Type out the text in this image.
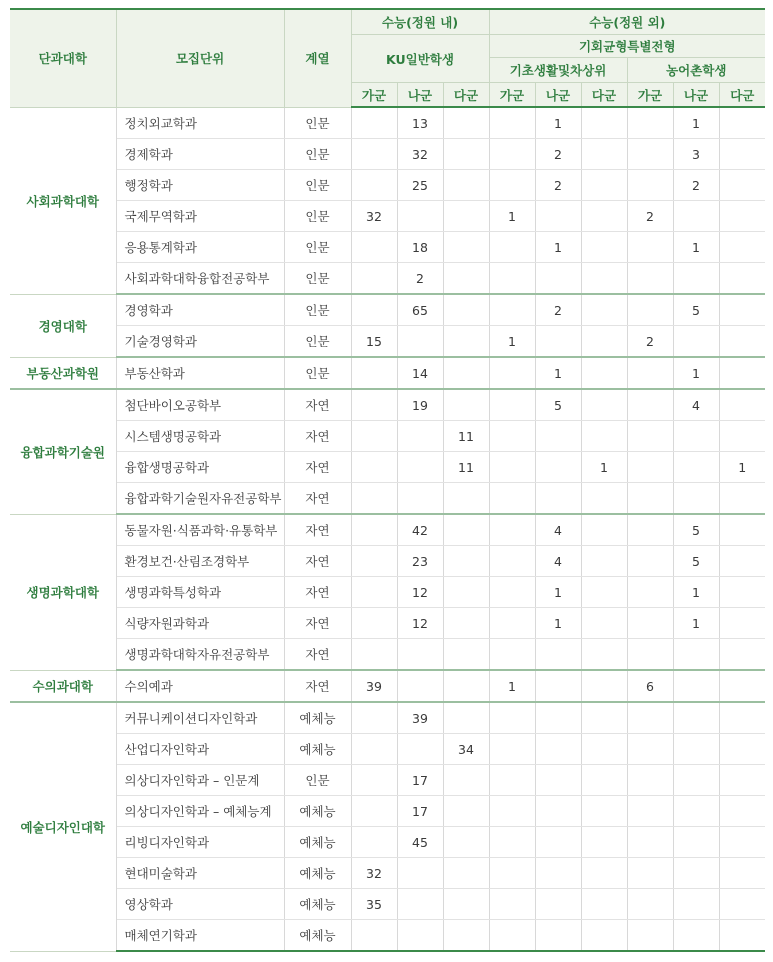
단과대학	모집단위	계열	수능(정원 내)			수능(정원 외)					
			KU일반학생			기회균형특별전형					
						기초생활및차상위			농어촌학생		
			가군	나군	다군	가군	나군	다군	가군	나군	다군
사회과학대학	정치외교학과	인문		13			1			1	
	경제학과	인문		32			2			3	
	행정학과	인문		25			2			2	
	국제무역학과	인문	32			1			2		
	응용통계학과	인문		18			1			1	
	사회과학대학융합전공학부	인문		2							
경영대학	경영학과	인문		65			2			5	
	기술경영학과	인문	15			1			2		
부동산과학원	부동산학과	인문		14			1			1	
융합과학기술원	첨단바이오공학부	자연		19			5			4	
	시스템생명공학과	자연			11						
	융합생명공학과	자연			11			1			1
	융합과학기술원자유전공학부	자연									
생명과학대학	동물자원·식품과학·유통학부	자연		42			4			5	
	환경보건·산림조경학부	자연		23			4			5	
	생명과학특성학과	자연		12			1			1	
	식량자원과학과	자연		12			1			1	
	생명과학대학자유전공학부	자연									
수의과대학	수의예과	자연	39			1			6		
예술디자인대학	커뮤니케이션디자인학과	예체능		39							
	산업디자인학과	예체능			34						
	의상디자인학과 – 인문계	인문		17							
	의상디자인학과 – 예체능계	예체능		17							
	리빙디자인학과	예체능		45							
	현대미술학과	예체능	32								
	영상학과	예체능	35								
	매체연기학과	예체능									
